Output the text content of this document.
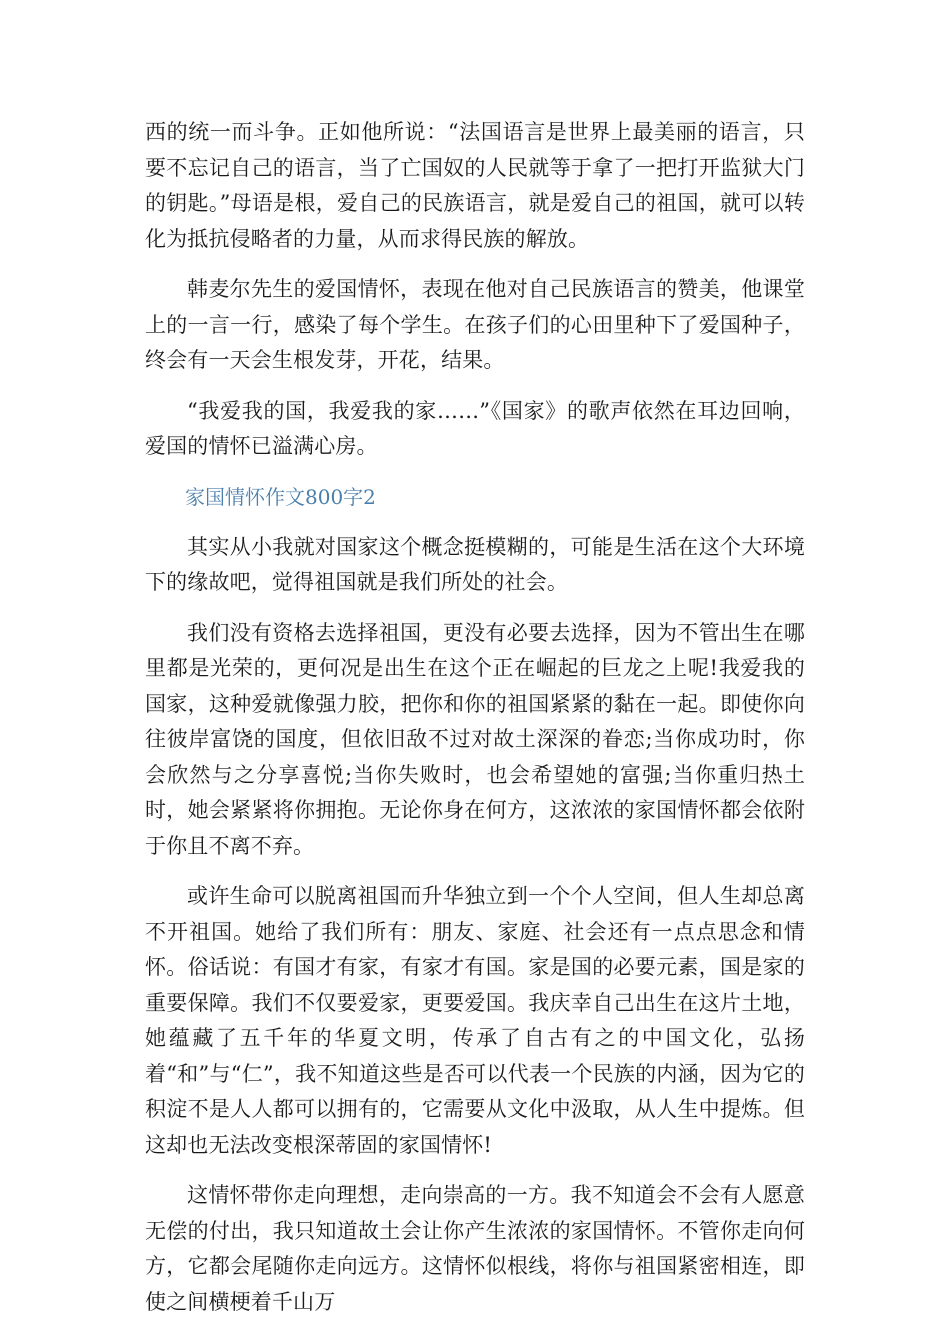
西的统一而斗争。正如他所说：“法国语言是世界上最美丽的语言，只要不忘记自己的语言，当了亡国奴的人民就等于拿了一把打开监狱大门的钥匙。”母语是根，爱自己的民族语言，就是爱自己的祖国，就可以转化为抵抗侵略者的力量，从而求得民族的解放。

韩麦尔先生的爱国情怀，表现在他对自己民族语言的赞美，他课堂上的一言一行，感染了每个学生。在孩子们的心田里种下了爱国种子，终会有一天会生根发芽，开花，结果。

“我爱我的国，我爱我的家……”《国家》的歌声依然在耳边回响，爱国的情怀已溢满心房。

家国情怀作文800字2

其实从小我就对国家这个概念挺模糊的，可能是生活在这个大环境下的缘故吧，觉得祖国就是我们所处的社会。

我们没有资格去选择祖国，更没有必要去选择，因为不管出生在哪里都是光荣的，更何况是出生在这个正在崛起的巨龙之上呢!我爱我的国家，这种爱就像强力胶，把你和你的祖国紧紧的黏在一起。即使你向往彼岸富饶的国度，但依旧敌不过对故土深深的眷恋;当你成功时，你会欣然与之分享喜悦;当你失败时，也会希望她的富强;当你重归热土时，她会紧紧将你拥抱。无论你身在何方，这浓浓的家国情怀都会依附于你且不离不弃。

或许生命可以脱离祖国而升华独立到一个个人空间，但人生却总离不开祖国。她给了我们所有：朋友、家庭、社会还有一点点思念和情怀。俗话说：有国才有家，有家才有国。家是国的必要元素，国是家的重要保障。我们不仅要爱家，更要爱国。我庆幸自己出生在这片土地，她蕴藏了五千年的华夏文明，传承了自古有之的中国文化，弘扬着“和”与“仁”，我不知道这些是否可以代表一个民族的内涵，因为它的积淀不是人人都可以拥有的，它需要从文化中汲取，从人生中提炼。但这却也无法改变根深蒂固的家国情怀!

这情怀带你走向理想，走向崇高的一方。我不知道会不会有人愿意无偿的付出，我只知道故土会让你产生浓浓的家国情怀。不管你走向何方，它都会尾随你走向远方。这情怀似根线，将你与祖国紧密相连，即使之间横梗着千山万
